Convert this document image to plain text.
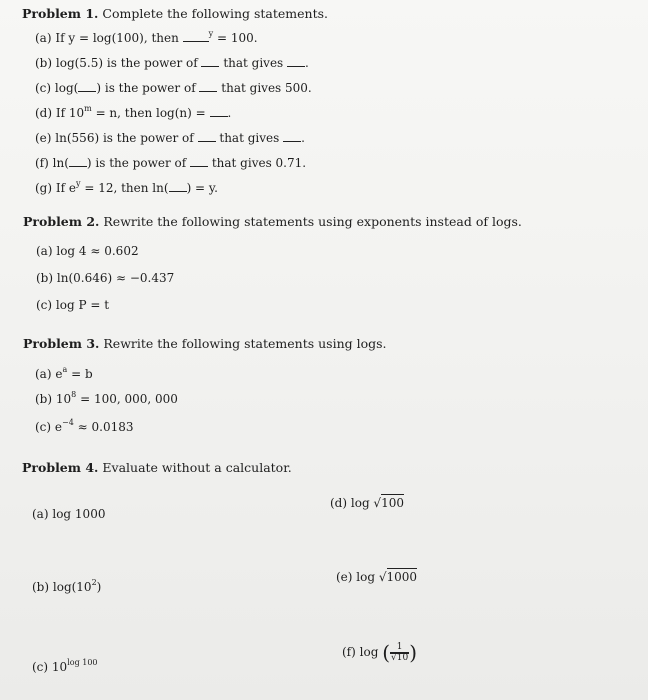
Problem 1. Complete the following statements.
(a) If y = log(100), then	$^y$ = 100.
(b) log(5.5) is the power of that gives .
(c) log( ) is the power of that gives 500.
(d) If $10^m = n$, then log(n) = .
(e) ln(556) is the power of that gives .
(f) ln( ) is the power of that gives 0.71.
(g) If $e^y = 12$, then ln( ) = y.
Problem 2. Rewrite the following statements using exponents instead of logs.
(a) log 4 ≈ 0.602
(b) ln(0.646) ≈ −0.437
(c) log P = t
Problem 3. Rewrite the following statements using logs.
(a) $e^a = b$
(b) $10^8 = 100$, 000, 000
(c) $e^{-4} \approx 0.0183$
Problem 4. Evaluate without a calculator.
(a) log 1000
(b) $\log(10^2)$
(c) $10^{log 100}$
(d) log √100
(e) log √1000
(f) log ( $\frac{1}{√10}$ )
